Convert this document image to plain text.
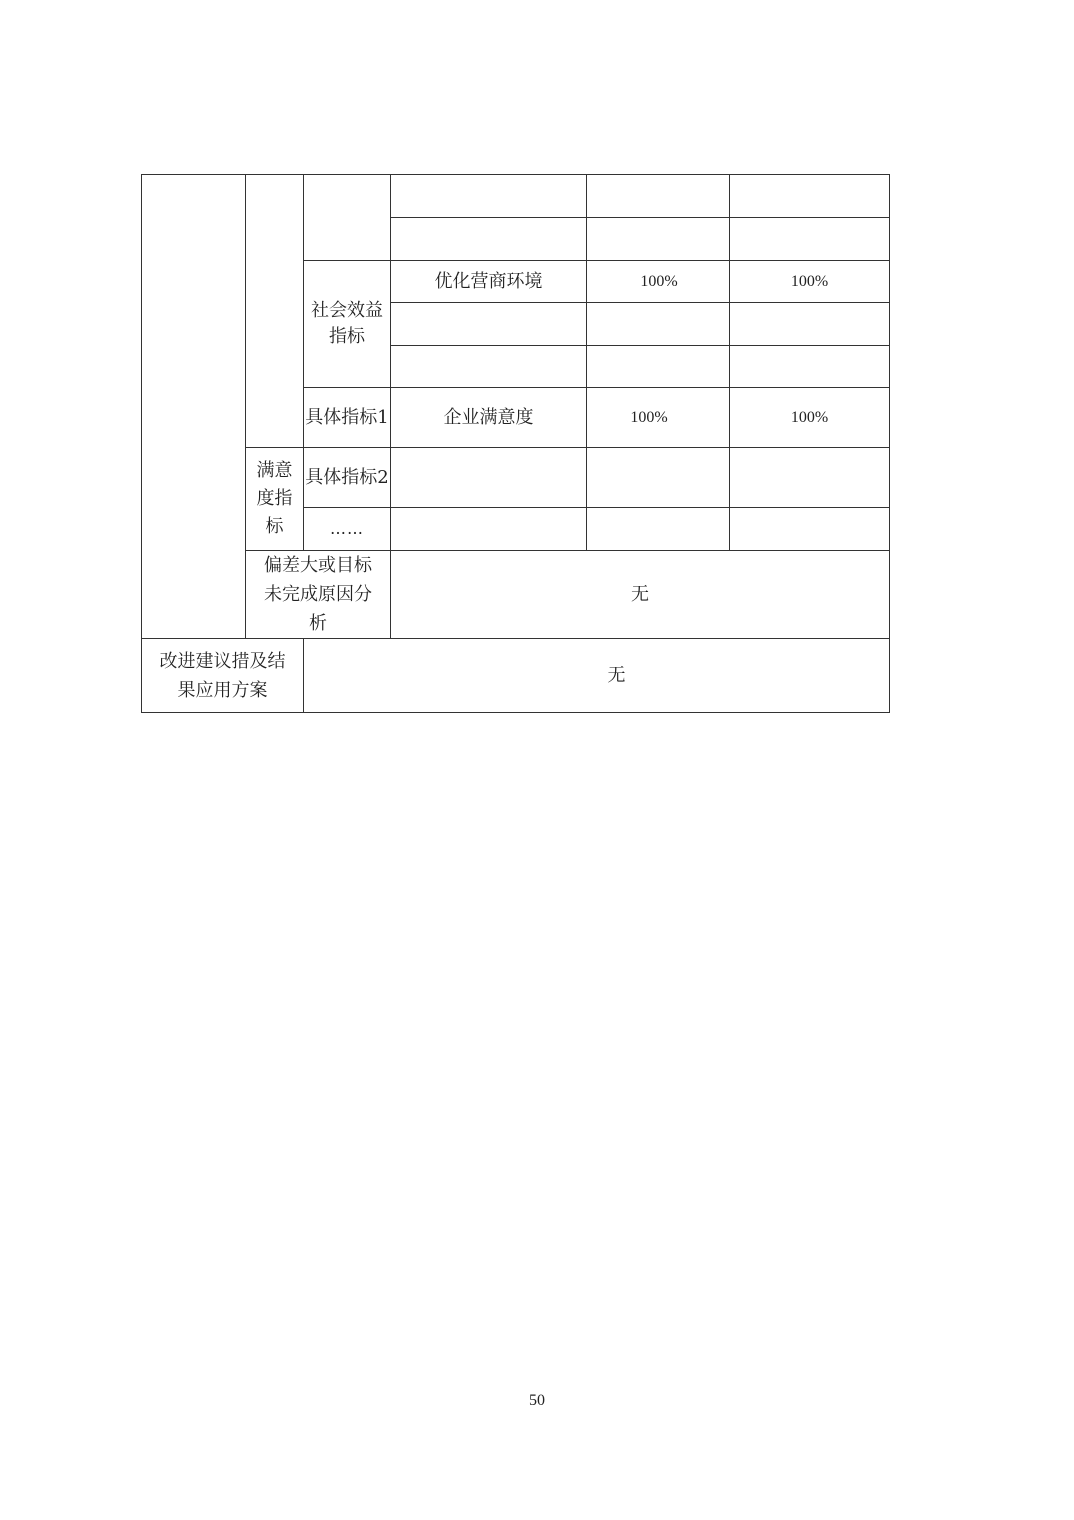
		社会效益指标	优化营商环境	100%	100%

		具体指标1	企业满意度	100%	100%
	满意度指标	具体指标2			
		……			
	偏差大或目标未完成原因分析		无		
改进建议措及结果应用方案		无			
50
